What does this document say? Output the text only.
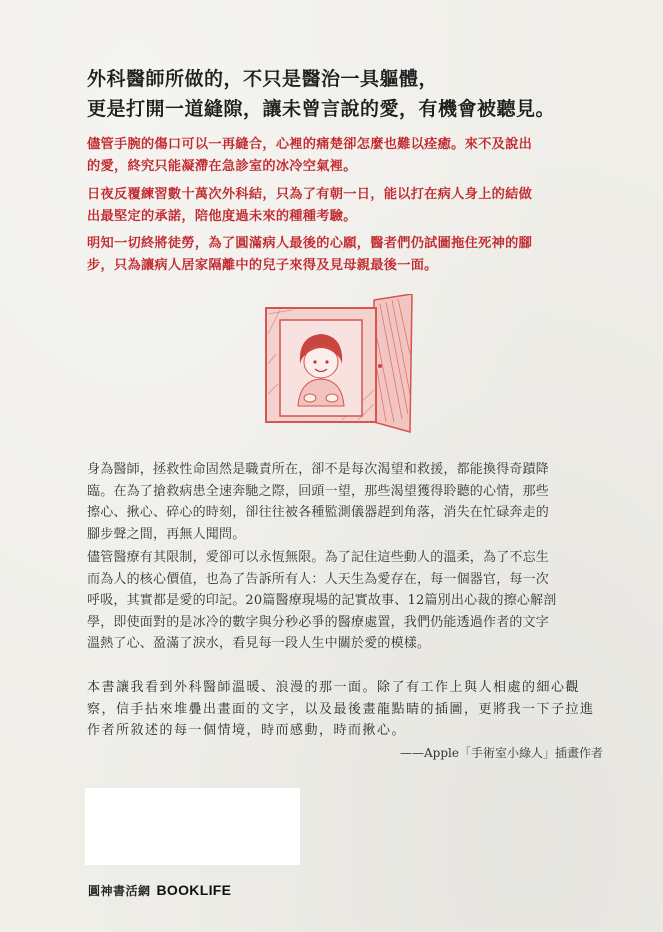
外科醫師所做的，不只是醫治一具軀體，
更是打開一道縫隙，讓未曾言說的愛，有機會被聽見。
儘管手腕的傷口可以一再縫合，心裡的痛楚卻怎麼也難以痊癒。來不及說出
的愛，終究只能凝滯在急診室的冰冷空氣裡。
日夜反覆練習數十萬次外科結，只為了有朝一日，能以打在病人身上的結做
出最堅定的承諾，陪他度過未來的種種考驗。
明知一切終將徒勞，為了圓滿病人最後的心願，醫者們仍試圖拖住死神的腳
步，只為讓病人居家隔離中的兒子來得及見母親最後一面。
身為醫師，拯救性命固然是職責所在，卻不是每次渴望和救援，都能換得奇蹟降
臨。在為了搶救病患全速奔馳之際，回頭一望，那些渴望獲得聆聽的心情，那些
擦心、揪心、碎心的時刻，卻往往被各種監測儀器趕到角落，消失在忙碌奔走的
腳步聲之間，再無人聞問。
儘管醫療有其限制，愛卻可以永恆無限。為了記住這些動人的溫柔，為了不忘生
而為人的核心價值，也為了告訴所有人：人天生為愛存在，每一個器官，每一次
呼吸，其實都是愛的印記。20篇醫療現場的記實故事、12篇別出心裁的擦心解剖
學，即使面對的是冰冷的數字與分秒必爭的醫療處置，我們仍能透過作者的文字
溫熱了心、盈滿了淚水，看見每一段人生中關於愛的模樣。
本書讓我看到外科醫師溫暖、浪漫的那一面。除了有工作上與人相處的細心觀
察，信手拈來堆疊出畫面的文字，以及最後畫龍點睛的插圖，更將我一下子拉進
作者所敘述的每一個情境，時而感動，時而揪心。
——Apple「手術室小綠人」插畫作者
圓神書活網 BOOKLIFE
